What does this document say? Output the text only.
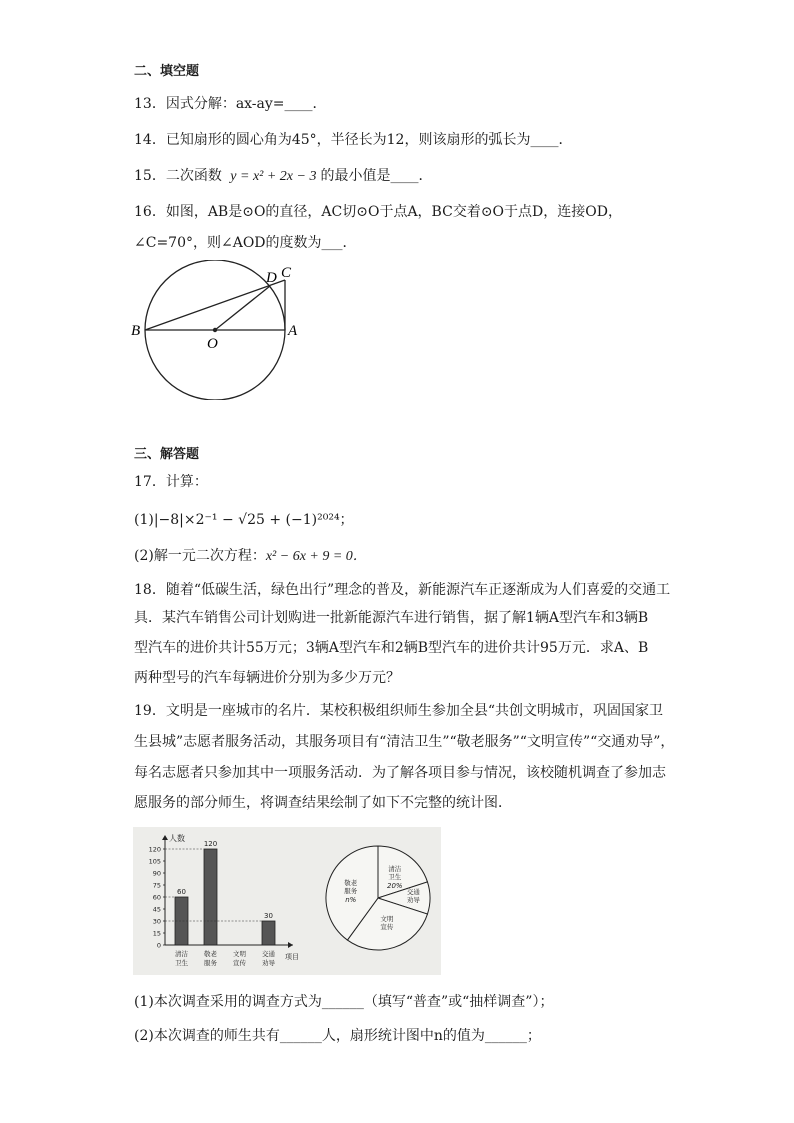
二、填空题
13．因式分解：ax-ay=____．
14．已知扇形的圆心角为45°，半径长为12，则该扇形的弧长为____．
15．二次函数 y = x² + 2x − 3 的最小值是____．
16．如图，AB是⊙O的直径，AC切⊙O于点A，BC交着⊙O于点D，连接OD，
∠C=70°，则∠AOD的度数为___．
B
O
A
D C
三、解答题
17．计算：
(1)|−8|×2⁻¹ − √25 + (−1)²⁰²⁴；
(2)解一元二次方程：x² − 6x + 9 = 0．
18．随着“低碳生活，绿色出行”理念的普及，新能源汽车正逐渐成为人们喜爱的交通工
具．某汽车销售公司计划购进一批新能源汽车进行销售，据了解1辆A型汽车和3辆B
型汽车的进价共计55万元；3辆A型汽车和2辆B型汽车的进价共计95万元．求A、B
两种型号的汽车每辆进价分别为多少万元？
19．文明是一座城市的名片．某校积极组织师生参加全县“共创文明城市，巩固国家卫
生县城”志愿者服务活动，其服务项目有“清洁卫生”“敬老服务”“文明宣传”“交通劝导”，
每名志愿者只参加其中一项服务活动．为了解各项目参与情况，该校随机调查了参加志
愿服务的部分师生，将调查结果绘制了如下不完整的统计图．
人数
项目
0
15
30
45
60
75
90
105
120
60
清洁
卫生
120
敬老
服务
文明
宣传
30
交通
劝导
清洁
卫生
20%
交通
劝导
文明
宣传
敬老
服务
n%
(1)本次调查采用的调查方式为______（填写“普查”或“抽样调查”）；
(2)本次调查的师生共有______人，扇形统计图中n的值为______；
